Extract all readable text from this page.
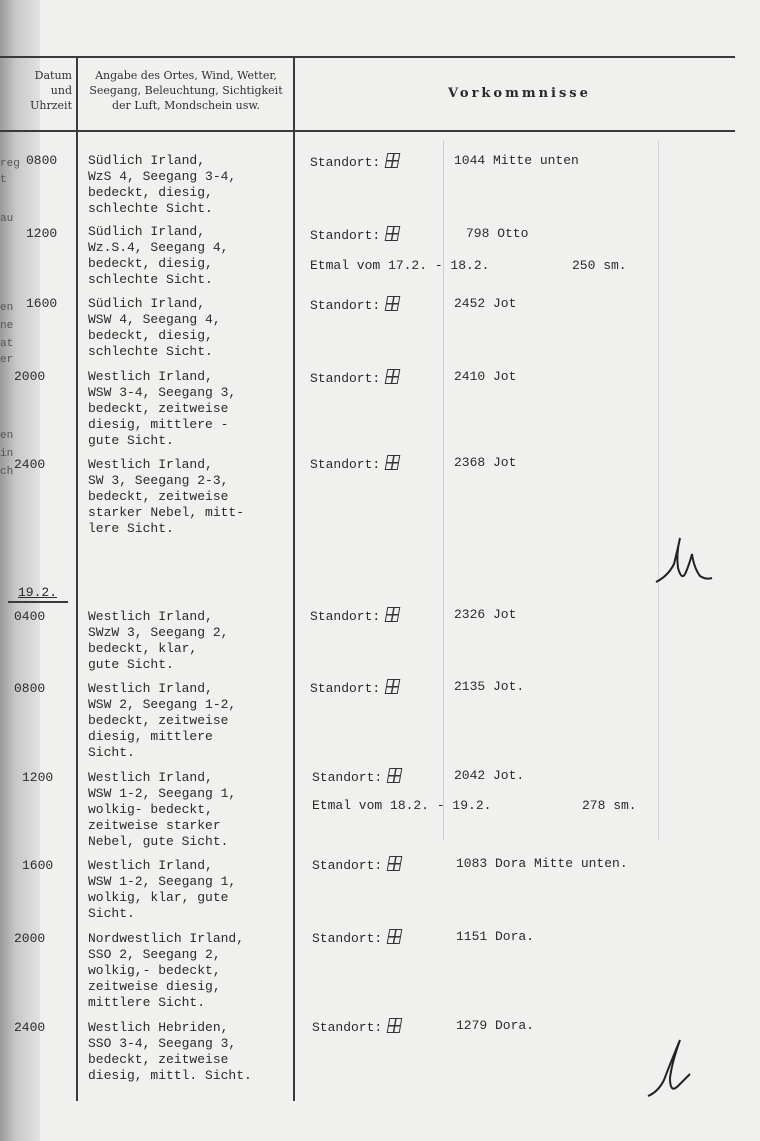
Datum
und
Uhrzeit
Angabe des Ortes, Wind, Wetter,
Seegang, Beleuchtung, Sichtigkeit
der Luft, Mondschein usw.
Vorkommnisse
reg
t
au
en
ne
at
er
en
in
ch
19.2.
0800 Südlich Irland,
WzS 4, Seegang 3-4,
bedeckt, diesig,
schlechte Sicht.
Standort:	1044 Mitte unten
1200 Südlich Irland,
Wz.S.4, Seegang 4,
bedeckt, diesig,
schlechte Sicht.
Standort:	798 Otto
Etmal vom 17.2. - 18.2.	250 sm.
1600 Südlich Irland,
WSW 4, Seegang 4,
bedeckt, diesig,
schlechte Sicht.
Standort:	2452 Jot
2000	Westlich Irland,
WSW 3-4, Seegang 3,
bedeckt, zeitweise
diesig, mittlere -
gute Sicht.
Standort:	2410 Jot
2400	Westlich Irland,
SW 3, Seegang 2-3,
bedeckt, zeitweise
starker Nebel, mitt-
lere Sicht.
Standort:	2368 Jot
0400	Westlich Irland,
SWzW 3, Seegang 2,
bedeckt, klar,
gute Sicht.
Standort:	2326 Jot
0800	Westlich Irland,
WSW 2, Seegang 1-2,
bedeckt, zeitweise
diesig, mittlere
Sicht.
Standort:	2135 Jot.
1200	Westlich Irland,
WSW 1-2, Seegang 1,
wolkig- bedeckt,
zeitweise starker
Nebel, gute Sicht.
Standort:	2042 Jot.
Etmal vom 18.2. - 19.2.	278 sm.
1600	Westlich Irland,
WSW 1-2, Seegang 1,
wolkig, klar, gute
Sicht.
Standort:	1083 Dora Mitte unten.
2000	Nordwestlich Irland,
SSO 2, Seegang 2,
wolkig,- bedeckt,
zeitweise diesig,
mittlere Sicht.
Standort:	1151 Dora.
2400	Westlich Hebriden,
SSO 3-4, Seegang 3,
bedeckt, zeitweise
diesig, mittl. Sicht.
Standort:	1279 Dora.
